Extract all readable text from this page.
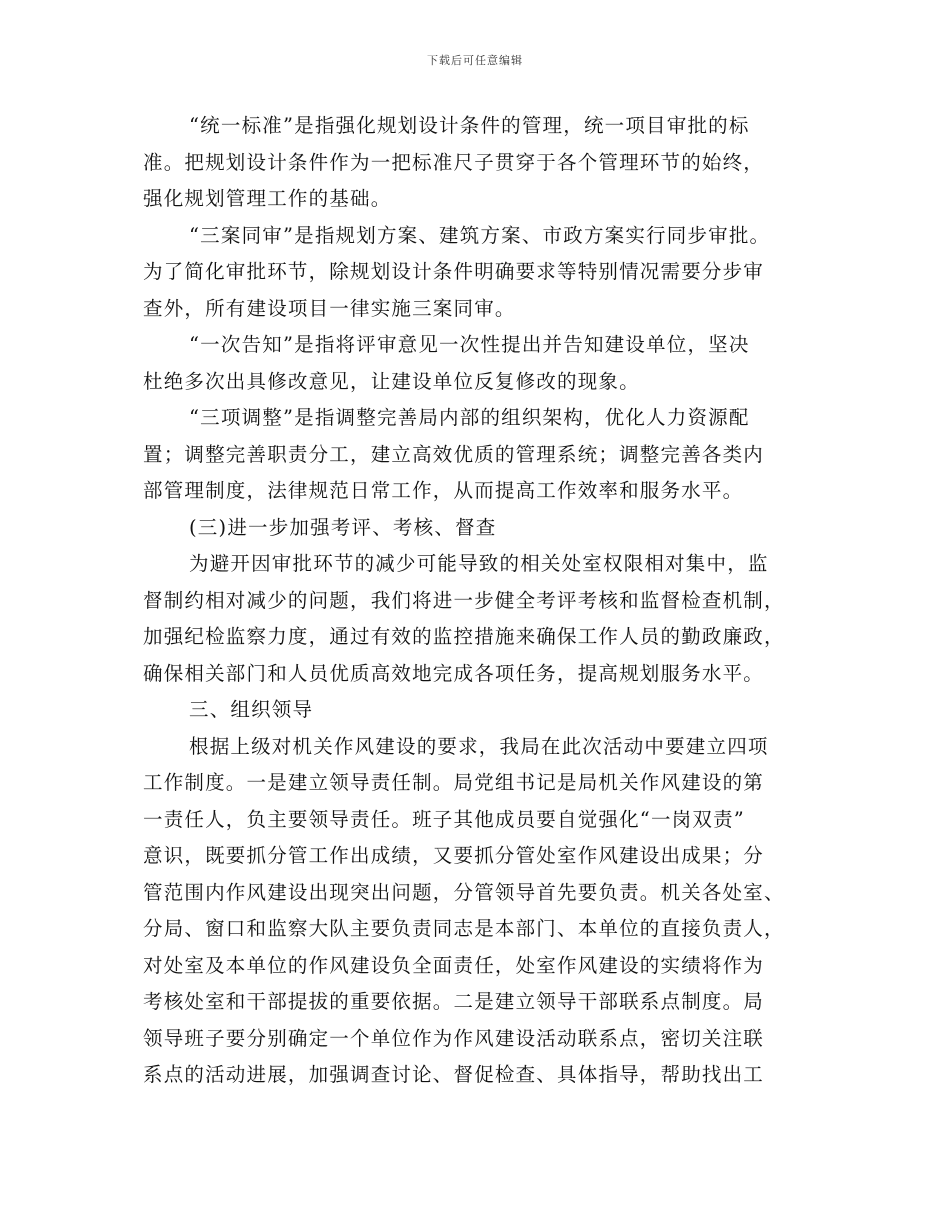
下载后可任意编辑
“统一标准”是指强化规划设计条件的管理，统一项目审批的标
准。把规划设计条件作为一把标准尺子贯穿于各个管理环节的始终，
强化规划管理工作的基础。
“三案同审”是指规划方案、建筑方案、市政方案实行同步审批。
为了简化审批环节，除规划设计条件明确要求等特别情况需要分步审
查外，所有建设项目一律实施三案同审。
“一次告知”是指将评审意见一次性提出并告知建设单位，坚决
杜绝多次出具修改意见，让建设单位反复修改的现象。
“三项调整”是指调整完善局内部的组织架构，优化人力资源配
置；调整完善职责分工，建立高效优质的管理系统；调整完善各类内
部管理制度，法律规范日常工作，从而提高工作效率和服务水平。
(三)进一步加强考评、考核、督查
为避开因审批环节的减少可能导致的相关处室权限相对集中，监
督制约相对减少的问题，我们将进一步健全考评考核和监督检查机制，
加强纪检监察力度，通过有效的监控措施来确保工作人员的勤政廉政，
确保相关部门和人员优质高效地完成各项任务，提高规划服务水平。
三、组织领导
根据上级对机关作风建设的要求，我局在此次活动中要建立四项
工作制度。一是建立领导责任制。局党组书记是局机关作风建设的第
一责任人，负主要领导责任。班子其他成员要自觉强化“一岗双责”
意识，既要抓分管工作出成绩，又要抓分管处室作风建设出成果；分
管范围内作风建设出现突出问题，分管领导首先要负责。机关各处室、
分局、窗口和监察大队主要负责同志是本部门、本单位的直接负责人，
对处室及本单位的作风建设负全面责任，处室作风建设的实绩将作为
考核处室和干部提拔的重要依据。二是建立领导干部联系点制度。局
领导班子要分别确定一个单位作为作风建设活动联系点，密切关注联
系点的活动进展，加强调查讨论、督促检查、具体指导，帮助找出工
